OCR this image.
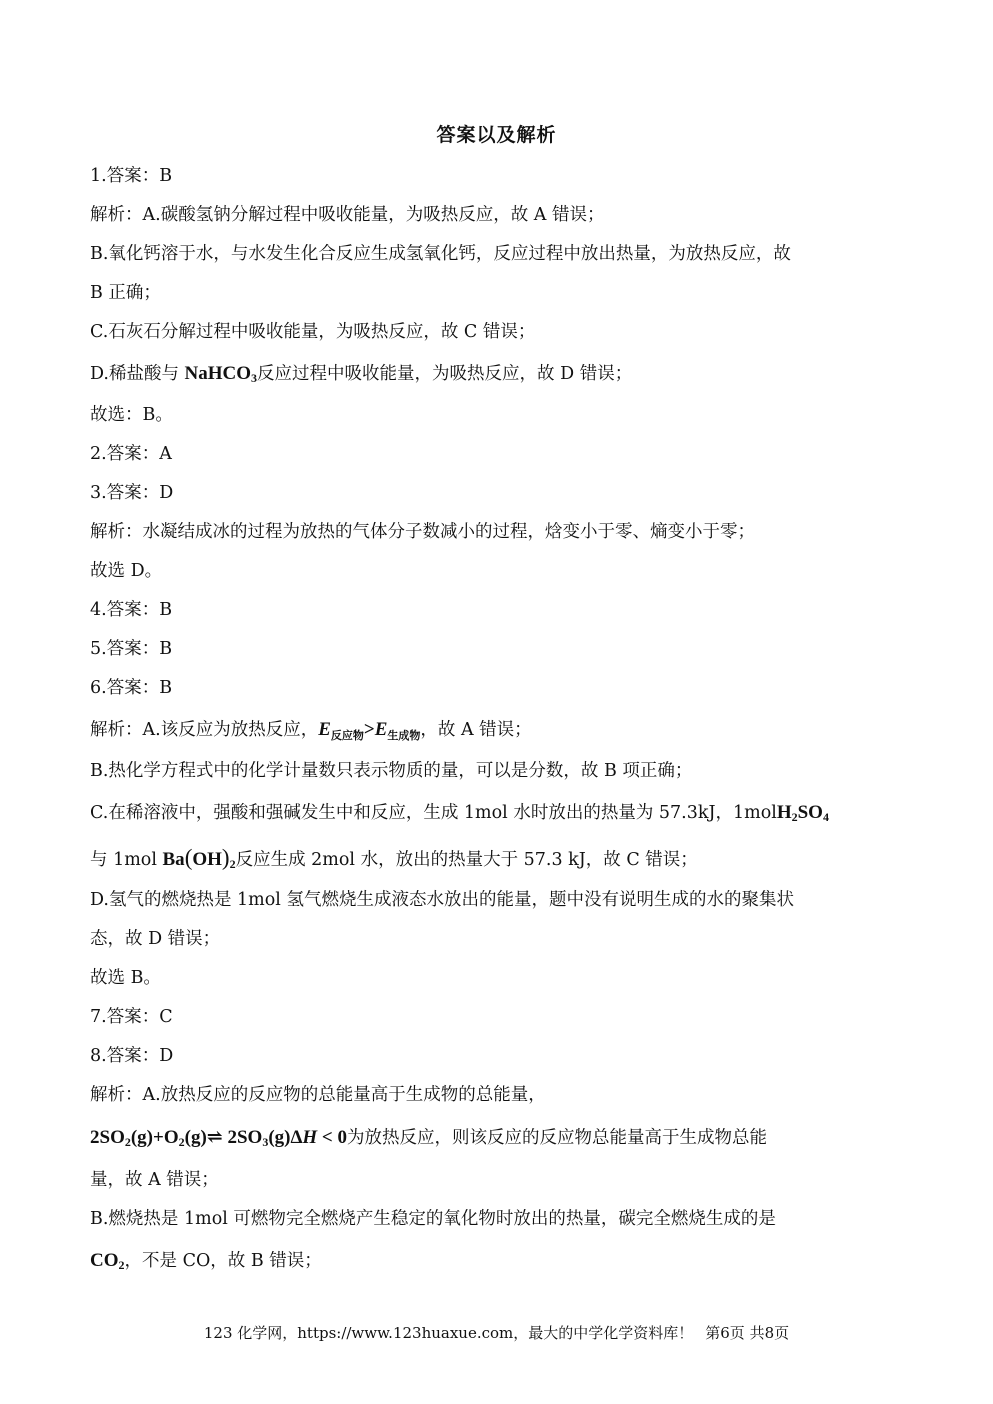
答案以及解析
1.答案：B
解析：A.碳酸氢钠分解过程中吸收能量，为吸热反应，故 A 错误；
B.氧化钙溶于水，与水发生化合反应生成氢氧化钙，反应过程中放出热量，为放热反应，故
B 正确；
C.石灰石分解过程中吸收能量，为吸热反应，故 C 错误；
D.稀盐酸与 NaHCO$_3$反应过程中吸收能量，为吸热反应，故 D 错误；
故选：B。
2.答案：A
3.答案：D
解析：水凝结成冰的过程为放热的气体分子数减小的过程，焓变小于零、熵变小于零；
故选 D。
4.答案：B
5.答案：B
6.答案：B
解析：A.该反应为放热反应，$E_{反应物}>E_{生成物}$，故 A 错误；
B.热化学方程式中的化学计量数只表示物质的量，可以是分数，故 B 项正确；
C.在稀溶液中，强酸和强碱发生中和反应，生成 1mol 水时放出的热量为 57.3kJ，$1molH_2SO_4$
与 1mol $Ba(OH)_2$反应生成 2mol 水，放出的热量大于 57.3 kJ，故 C 错误；
D.氢气的燃烧热是 1mol 氢气燃烧生成液态水放出的能量，题中没有说明生成的水的聚集状
态，故 D 错误；
故选 B。
7.答案：C
8.答案：D
解析：A.放热反应的反应物的总能量高于生成物的总能量，
$2SO_2(g)+O_2(g)\rightleftharpoons$ $2SO_3(g)\Delta H < 0$为放热反应，则该反应的反应物总能量高于生成物总能
量，故 A 错误；
B.燃烧热是 1mol 可燃物完全燃烧产生稳定的氧化物时放出的热量，碳完全燃烧生成的是
$CO_2$，不是 CO，故 B 错误；
123 化学网，https://www.123huaxue.com，最大的中学化学资料库！ 第6页 共8页
